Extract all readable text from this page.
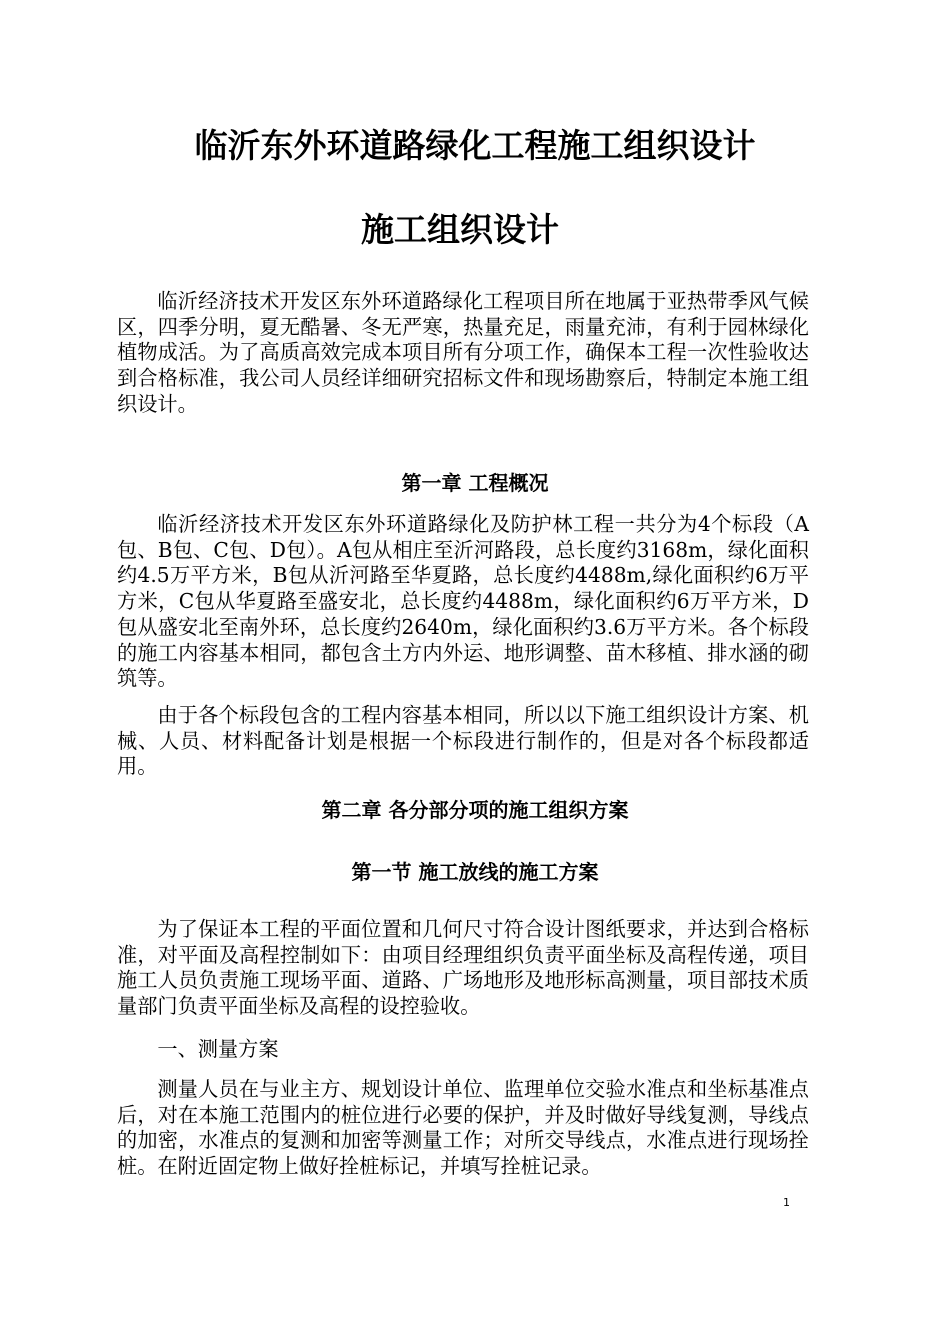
临沂东外环道路绿化工程施工组织设计
施工组织设计

临沂经济技术开发区东外环道路绿化工程项目所在地属于亚热带季风气候区，四季分明，夏无酷暑、冬无严寒，热量充足，雨量充沛，有利于园林绿化植物成活。为了高质高效完成本项目所有分项工作，确保本工程一次性验收达到合格标准，我公司人员经详细研究招标文件和现场勘察后，特制定本施工组织设计。

第一章 工程概况

临沂经济技术开发区东外环道路绿化及防护林工程一共分为4个标段（A包、B包、C包、D包）。A包从相庄至沂河路段，总长度约3168m，绿化面积约4.5万平方米，B包从沂河路至华夏路，总长度约4488m,绿化面积约6万平方米，C包从华夏路至盛安北，总长度约4488m，绿化面积约6万平方米，D包从盛安北至南外环，总长度约2640m，绿化面积约3.6万平方米。各个标段的施工内容基本相同，都包含土方内外运、地形调整、苗木移植、排水涵的砌筑等。

由于各个标段包含的工程内容基本相同，所以以下施工组织设计方案、机械、人员、材料配备计划是根据一个标段进行制作的，但是对各个标段都适用。

第二章 各分部分项的施工组织方案
第一节 施工放线的施工方案

为了保证本工程的平面位置和几何尺寸符合设计图纸要求，并达到合格标准，对平面及高程控制如下：由项目经理组织负责平面坐标及高程传递，项目施工人员负责施工现场平面、道路、广场地形及地形标高测量，项目部技术质量部门负责平面坐标及高程的设控验收。

一、测量方案

测量人员在与业主方、规划设计单位、监理单位交验水准点和坐标基准点后，对在本施工范围内的桩位进行必要的保护，并及时做好导线复测，导线点的加密，水准点的复测和加密等测量工作；对所交导线点，水准点进行现场拴桩。在附近固定物上做好拴桩标记，并填写拴桩记录。

1
